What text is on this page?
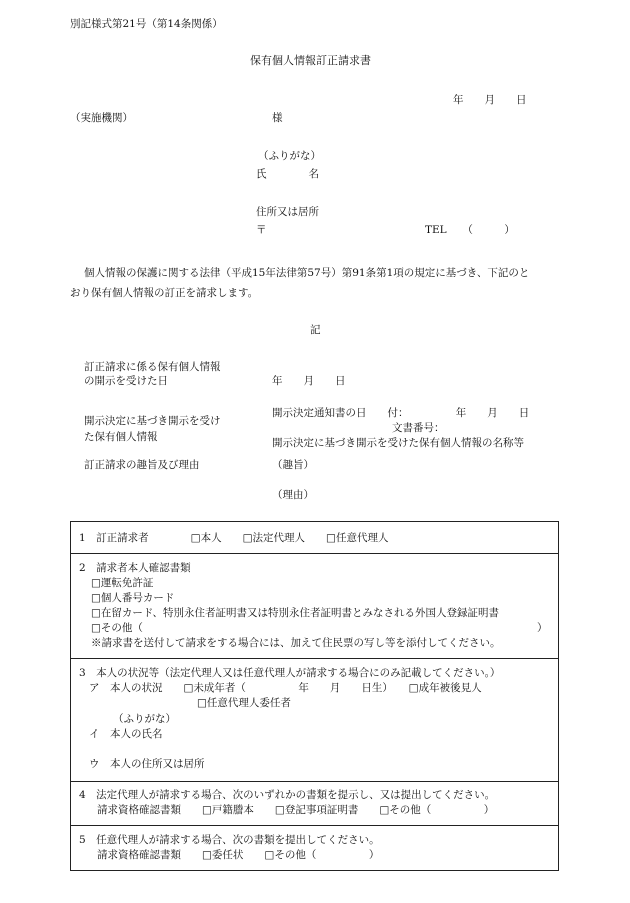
別記様式第21号（第14条関係）
保有個人情報訂正請求書
年　　月　　日
（実施機関）	様
（ふりがな）
氏　　　　名
住所又は居所
〒	TEL　　（　　　）
個人情報の保護に関する法律（平成15年法律第57号）第91条第1項の規定に基づき、下記のと
おり保有個人情報の訂正を請求します。
記
訂正請求に係る保有個人情報
の開示を受けた日	年　　月　　日
開示決定に基づき開示を受け
た保有個人情報
開示決定通知書の日　　付：　　　　　年　　月　　日
文書番号：
開示決定に基づき開示を受けた保有個人情報の名称等
訂正請求の趣旨及び理由	（趣旨）
（理由）
1　訂正請求者　　　　□本人　　□法定代理人　　□任意代理人
2　請求者本人確認書類
□運転免許証
□個人番号カード
□在留カード、特別永住者証明書又は特別永住者証明書とみなされる外国人登録証明書
□その他（	）
※請求書を送付して請求をする場合には、加えて住民票の写し等を添付してください。
3　本人の状況等（法定代理人又は任意代理人が請求する場合にのみ記載してください。）
ア　本人の状況　　□未成年者（　　　　　年　　月　　日生）　　□成年被後見人
□任意代理人委任者
（ふりがな）
イ　本人の氏名
ウ　本人の住所又は居所
4　法定代理人が請求する場合、次のいずれかの書類を提示し、又は提出してください。
請求資格確認書類　　□戸籍謄本　　□登記事項証明書　　□その他（　　　　　）
5　任意代理人が請求する場合、次の書類を提出してください。
請求資格確認書類　　□委任状　　□その他（　　　　　）
